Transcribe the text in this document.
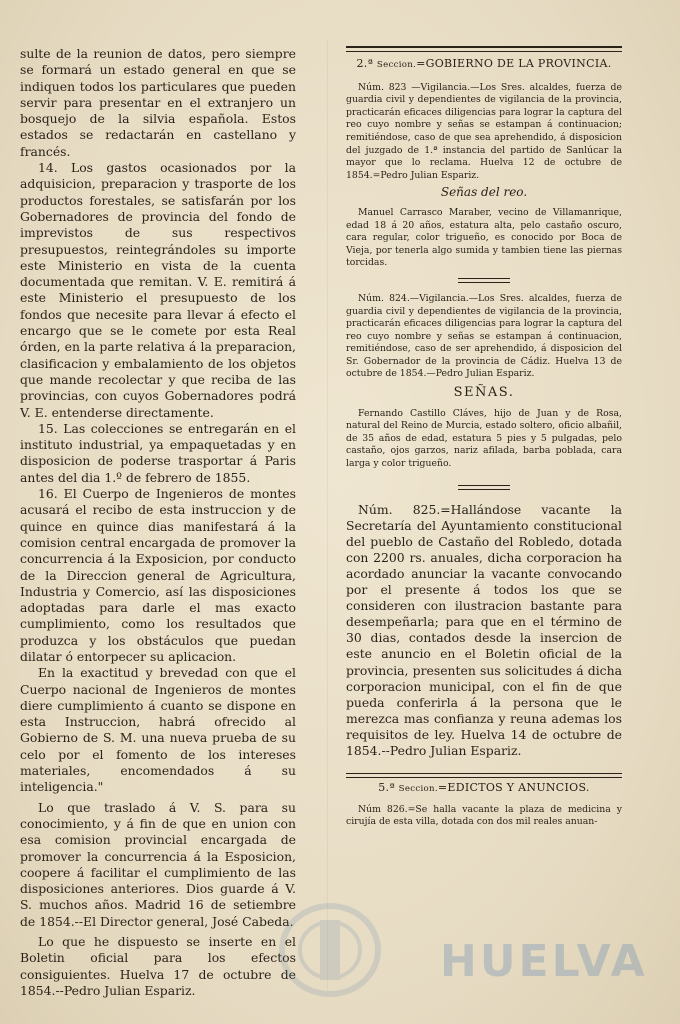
sulte de la reunion de datos, pero siempre se formará un estado general en que se indiquen todos los particulares que pueden servir para presentar en el extranjero un bosquejo de la silvia española. Estos estados se redactarán en castellano y francés.

14. Los gastos ocasionados por la adquisicion, preparacion y trasporte de los productos forestales, se satisfarán por los Gobernadores de provincia del fondo de imprevistos de sus respectivos presupuestos, reintegrándoles su importe este Ministerio en vista de la cuenta documentada que remitan. V. E. remitirá á este Ministerio el presupuesto de los fondos que necesite para llevar á efecto el encargo que se le comete por esta Real órden, en la parte relativa á la preparacion, clasificacion y embalamiento de los objetos que mande recolectar y que reciba de las provincias, con cuyos Gobernadores podrá V. E. entenderse directamente.

15. Las colecciones se entregarán en el instituto industrial, ya empaquetadas y en disposicion de poderse trasportar á Paris antes del dia 1.º de febrero de 1855.

16. El Cuerpo de Ingenieros de montes acusará el recibo de esta instruccion y de quince en quince dias manifestará á la comision central encargada de promover la concurrencia á la Exposicion, por conducto de la Direccion general de Agricultura, Industria y Comercio, así las disposiciones adoptadas para darle el mas exacto cumplimiento, como los resultados que produzca y los obstáculos que puedan dilatar ó entorpecer su aplicacion.

En la exactitud y brevedad con que el Cuerpo nacional de Ingenieros de montes diere cumplimiento á cuanto se dispone en esta Instruccion, habrá ofrecido al Gobierno de S. M. una nueva prueba de su celo por el fomento de los intereses materiales, encomendados á su inteligencia."

Lo que traslado á V. S. para su conocimiento, y á fin de que en union con esa comision provincial encargada de promover la concurrencia á la Esposicion, coopere á facilitar el cumplimiento de las disposiciones anteriores. Dios guarde á V. S. muchos años. Madrid 16 de setiembre de 1854.--El Director general, José Cabeda.

Lo que he dispuesto se inserte en el Boletin oficial para los efectos consiguientes. Huelva 17 de octubre de 1854.--Pedro Julian Espariz.

2.ª Seccion.=GOBIERNO DE LA PROVINCIA.

Núm. 823 —Vigilancia.—Los Sres. alcaldes, fuerza de guardia civil y dependientes de vigilancia de la provincia, practicarán eficaces diligencias para lograr la captura del reo cuyo nombre y señas se estampan á continuacion; remitiéndose, caso de que sea aprehendido, á disposicion del juzgado de 1.ª instancia del partido de Sanlúcar la mayor que lo reclama. Huelva 12 de octubre de 1854.=Pedro Julian Espariz.

Señas del reo.

Manuel Carrasco Maraber, vecino de Villamanrique, edad 18 á 20 años, estatura alta, pelo castaño oscuro, cara regular, color trigueño, es conocido por Boca de Vieja, por tenerla algo sumida y tambien tiene las piernas torcidas.

Núm. 824.—Vigilancia.—Los Sres. alcaldes, fuerza de guardia civil y dependientes de vigilancia de la provincia, practicarán eficaces diligencias para lograr la captura del reo cuyo nombre y señas se estampan á continuacion, remitiéndose, caso de ser aprehendido, á disposicion del Sr. Gobernador de la provincia de Cádiz. Huelva 13 de octubre de 1854.—Pedro Julian Espariz.

SEÑAS.

Fernando Castillo Cláves, hijo de Juan y de Rosa, natural del Reino de Murcia, estado soltero, oficio albañil, de 35 años de edad, estatura 5 pies y 5 pulgadas, pelo castaño, ojos garzos, nariz afilada, barba poblada, cara larga y color trigueño.

Núm. 825.=Hallándose vacante la Secretaría del Ayuntamiento constitucional del pueblo de Castaño del Robledo, dotada con 2200 rs. anuales, dicha corporacion ha acordado anunciar la vacante convocando por el presente á todos los que se consideren con ilustracion bastante para desempeñarla; para que en el término de 30 dias, contados desde la insercion de este anuncio en el Boletin oficial de la provincia, presenten sus solicitudes á dicha corporacion municipal, con el fin de que pueda conferirla á la persona que le merezca mas confianza y reuna ademas los requisitos de ley. Huelva 14 de octubre de 1854.--Pedro Julian Espariz.

5.ª Seccion.=EDICTOS Y ANUNCIOS.

Núm 826.=Se halla vacante la plaza de medicina y cirujía de esta villa, dotada con dos mil reales anuan-

HUELVA
